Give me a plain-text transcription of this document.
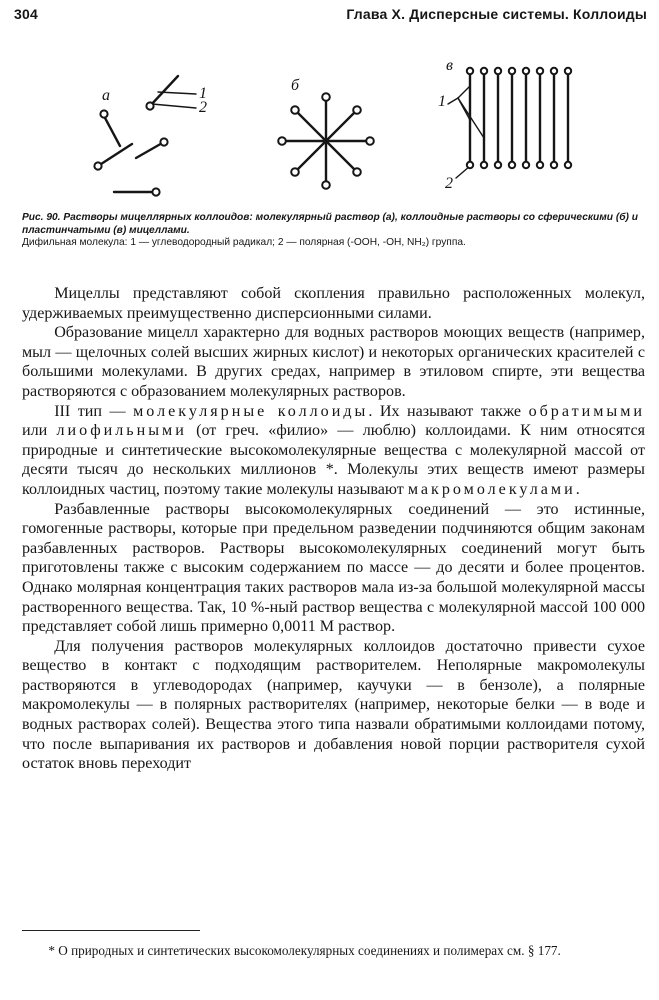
304	Глава X. Дисперсные системы. Коллоиды
а
б
в
1
2	1
2
Рис. 90. Растворы мицеллярных коллоидов: молекулярный раствор (а), коллоидные растворы со сферическими (б) и пластинчатыми (в) мицеллами.
Дифильная молекула: 1 — углеводородный радикал; 2 — полярная (-ООН, -ОН, NH₂) группа.

Мицеллы представляют собой скопления правильно расположенных молекул, удерживаемых преимущественно дисперсионными силами.

Образование мицелл характерно для водных растворов моющих веществ (например, мыл — щелочных солей высших жирных кислот) и некоторых органических красителей с большими молекулами. В других средах, например в этиловом спирте, эти вещества растворяются с образованием молекулярных растворов.

III тип — молекулярные коллоиды. Их называют также обратимыми или лиофильными (от греч. «филио» — люблю) коллоидами. К ним относятся природные и синтетические высокомолекулярные вещества с молекулярной массой от десяти тысяч до нескольких миллионов *. Молекулы этих веществ имеют размеры коллоидных частиц, поэтому такие молекулы называют макромолекулами.

Разбавленные растворы высокомолекулярных соединений — это истинные, гомогенные растворы, которые при предельном разведении подчиняются общим законам разбавленных растворов. Растворы высокомолекулярных соединений могут быть приготовлены также с высоким содержанием по массе — до десяти и более процентов. Однако молярная концентрация таких растворов мала из-за большой молекулярной массы растворенного вещества. Так, 10 %-ный раствор вещества с молекулярной массой 100 000 представляет собой лишь примерно 0,0011 М раствор.

Для получения растворов молекулярных коллоидов достаточно привести сухое вещество в контакт с подходящим растворителем. Неполярные макромолекулы растворяются в углеводородах (например, каучуки — в бензоле), а полярные макромолекулы — в полярных растворителях (например, некоторые белки — в воде и водных растворах солей). Вещества этого типа назвали обратимыми коллоидами потому, что после выпаривания их растворов и добавления новой порции растворителя сухой остаток вновь переходит

* О природных и синтетических высокомолекулярных соединениях и полимерах см. § 177.
